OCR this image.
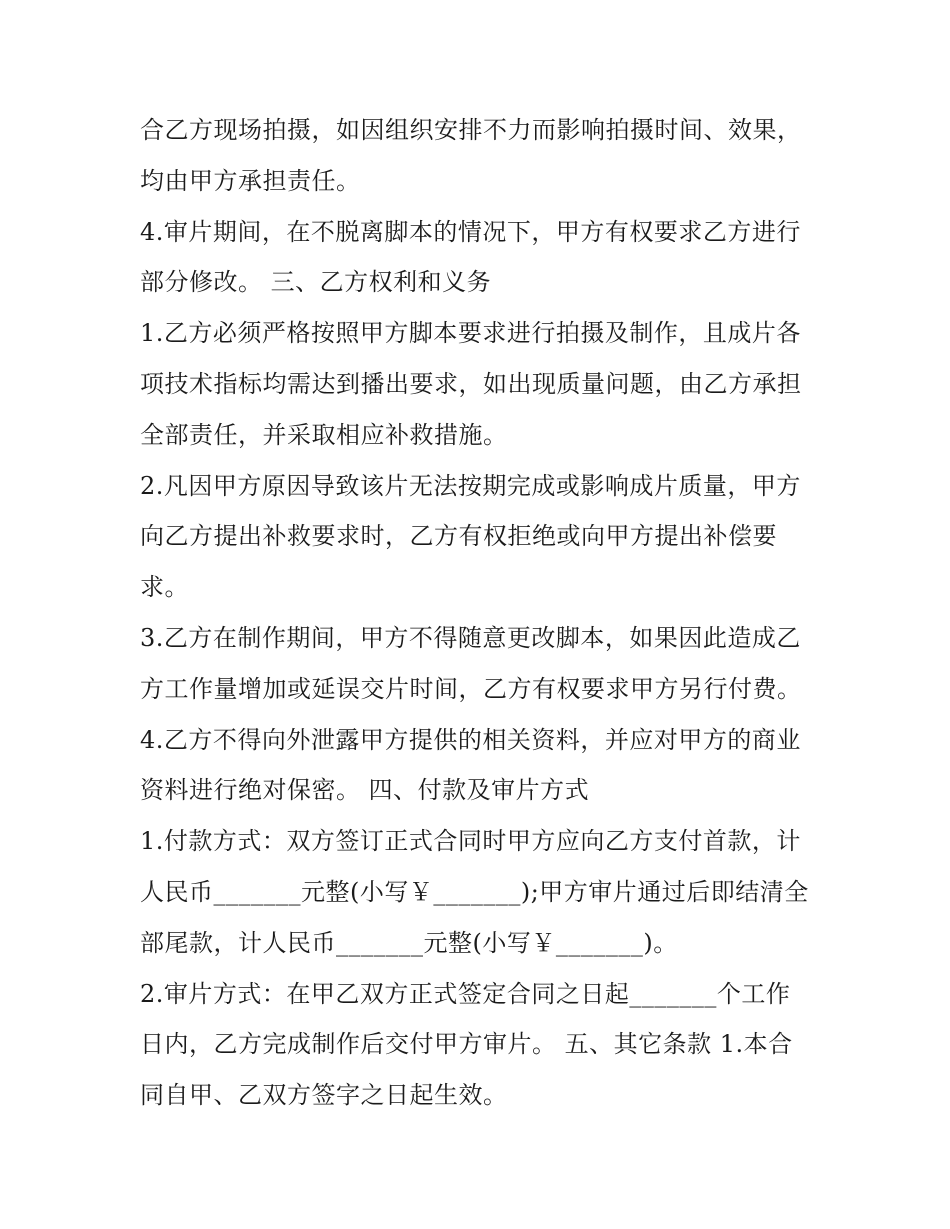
合乙方现场拍摄，如因组织安排不力而影响拍摄时间、效果，
均由甲方承担责任。
4.审片期间，在不脱离脚本的情况下，甲方有权要求乙方进行
部分修改。 三、乙方权利和义务
1.乙方必须严格按照甲方脚本要求进行拍摄及制作，且成片各
项技术指标均需达到播出要求，如出现质量问题，由乙方承担
全部责任，并采取相应补救措施。
2.凡因甲方原因导致该片无法按期完成或影响成片质量，甲方
向乙方提出补救要求时，乙方有权拒绝或向甲方提出补偿要
求。
3.乙方在制作期间，甲方不得随意更改脚本，如果因此造成乙
方工作量增加或延误交片时间，乙方有权要求甲方另行付费。
4.乙方不得向外泄露甲方提供的相关资料，并应对甲方的商业
资料进行绝对保密。 四、付款及审片方式
1.付款方式：双方签订正式合同时甲方应向乙方支付首款，计
人民币_______元整(小写￥_______);甲方审片通过后即结清全
部尾款，计人民币_______元整(小写￥_______)。
2.审片方式：在甲乙双方正式签定合同之日起_______个工作
日内，乙方完成制作后交付甲方审片。 五、其它条款 1.本合
同自甲、乙双方签字之日起生效。
